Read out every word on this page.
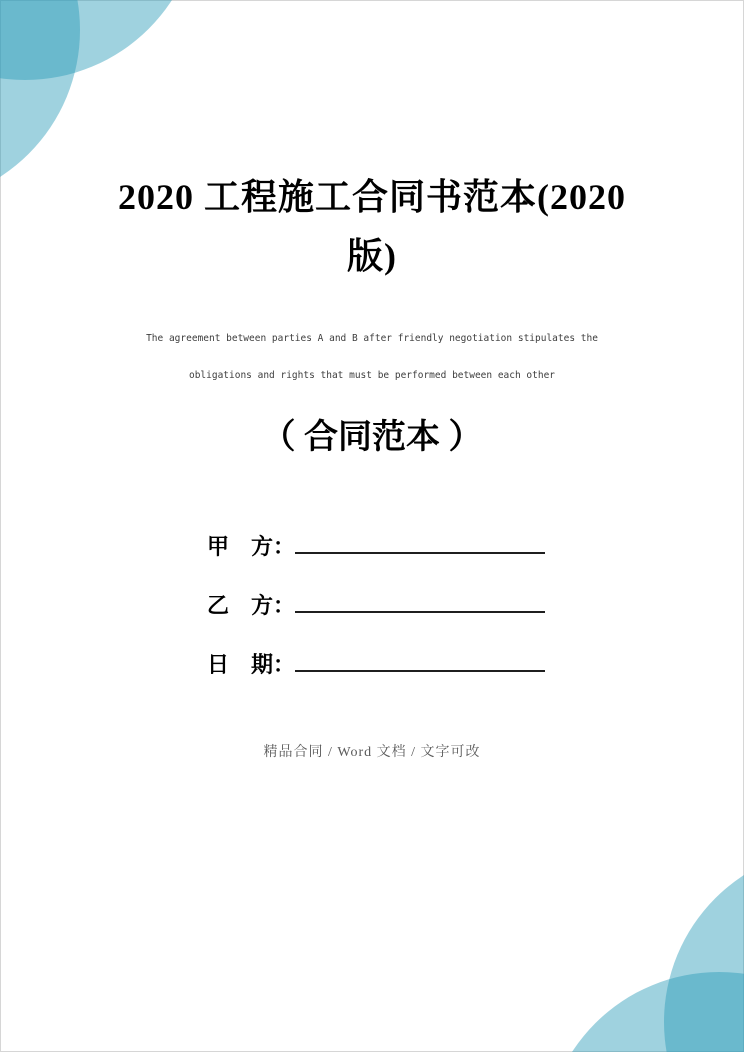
2020 工程施工合同书范本(2020
版)
The agreement between parties A and B after friendly negotiation stipulates the
obligations and rights that must be performed between each other
（ 合同范本 ）
甲　方：
乙　方：
日　期：
精品合同 / Word 文档 / 文字可改
